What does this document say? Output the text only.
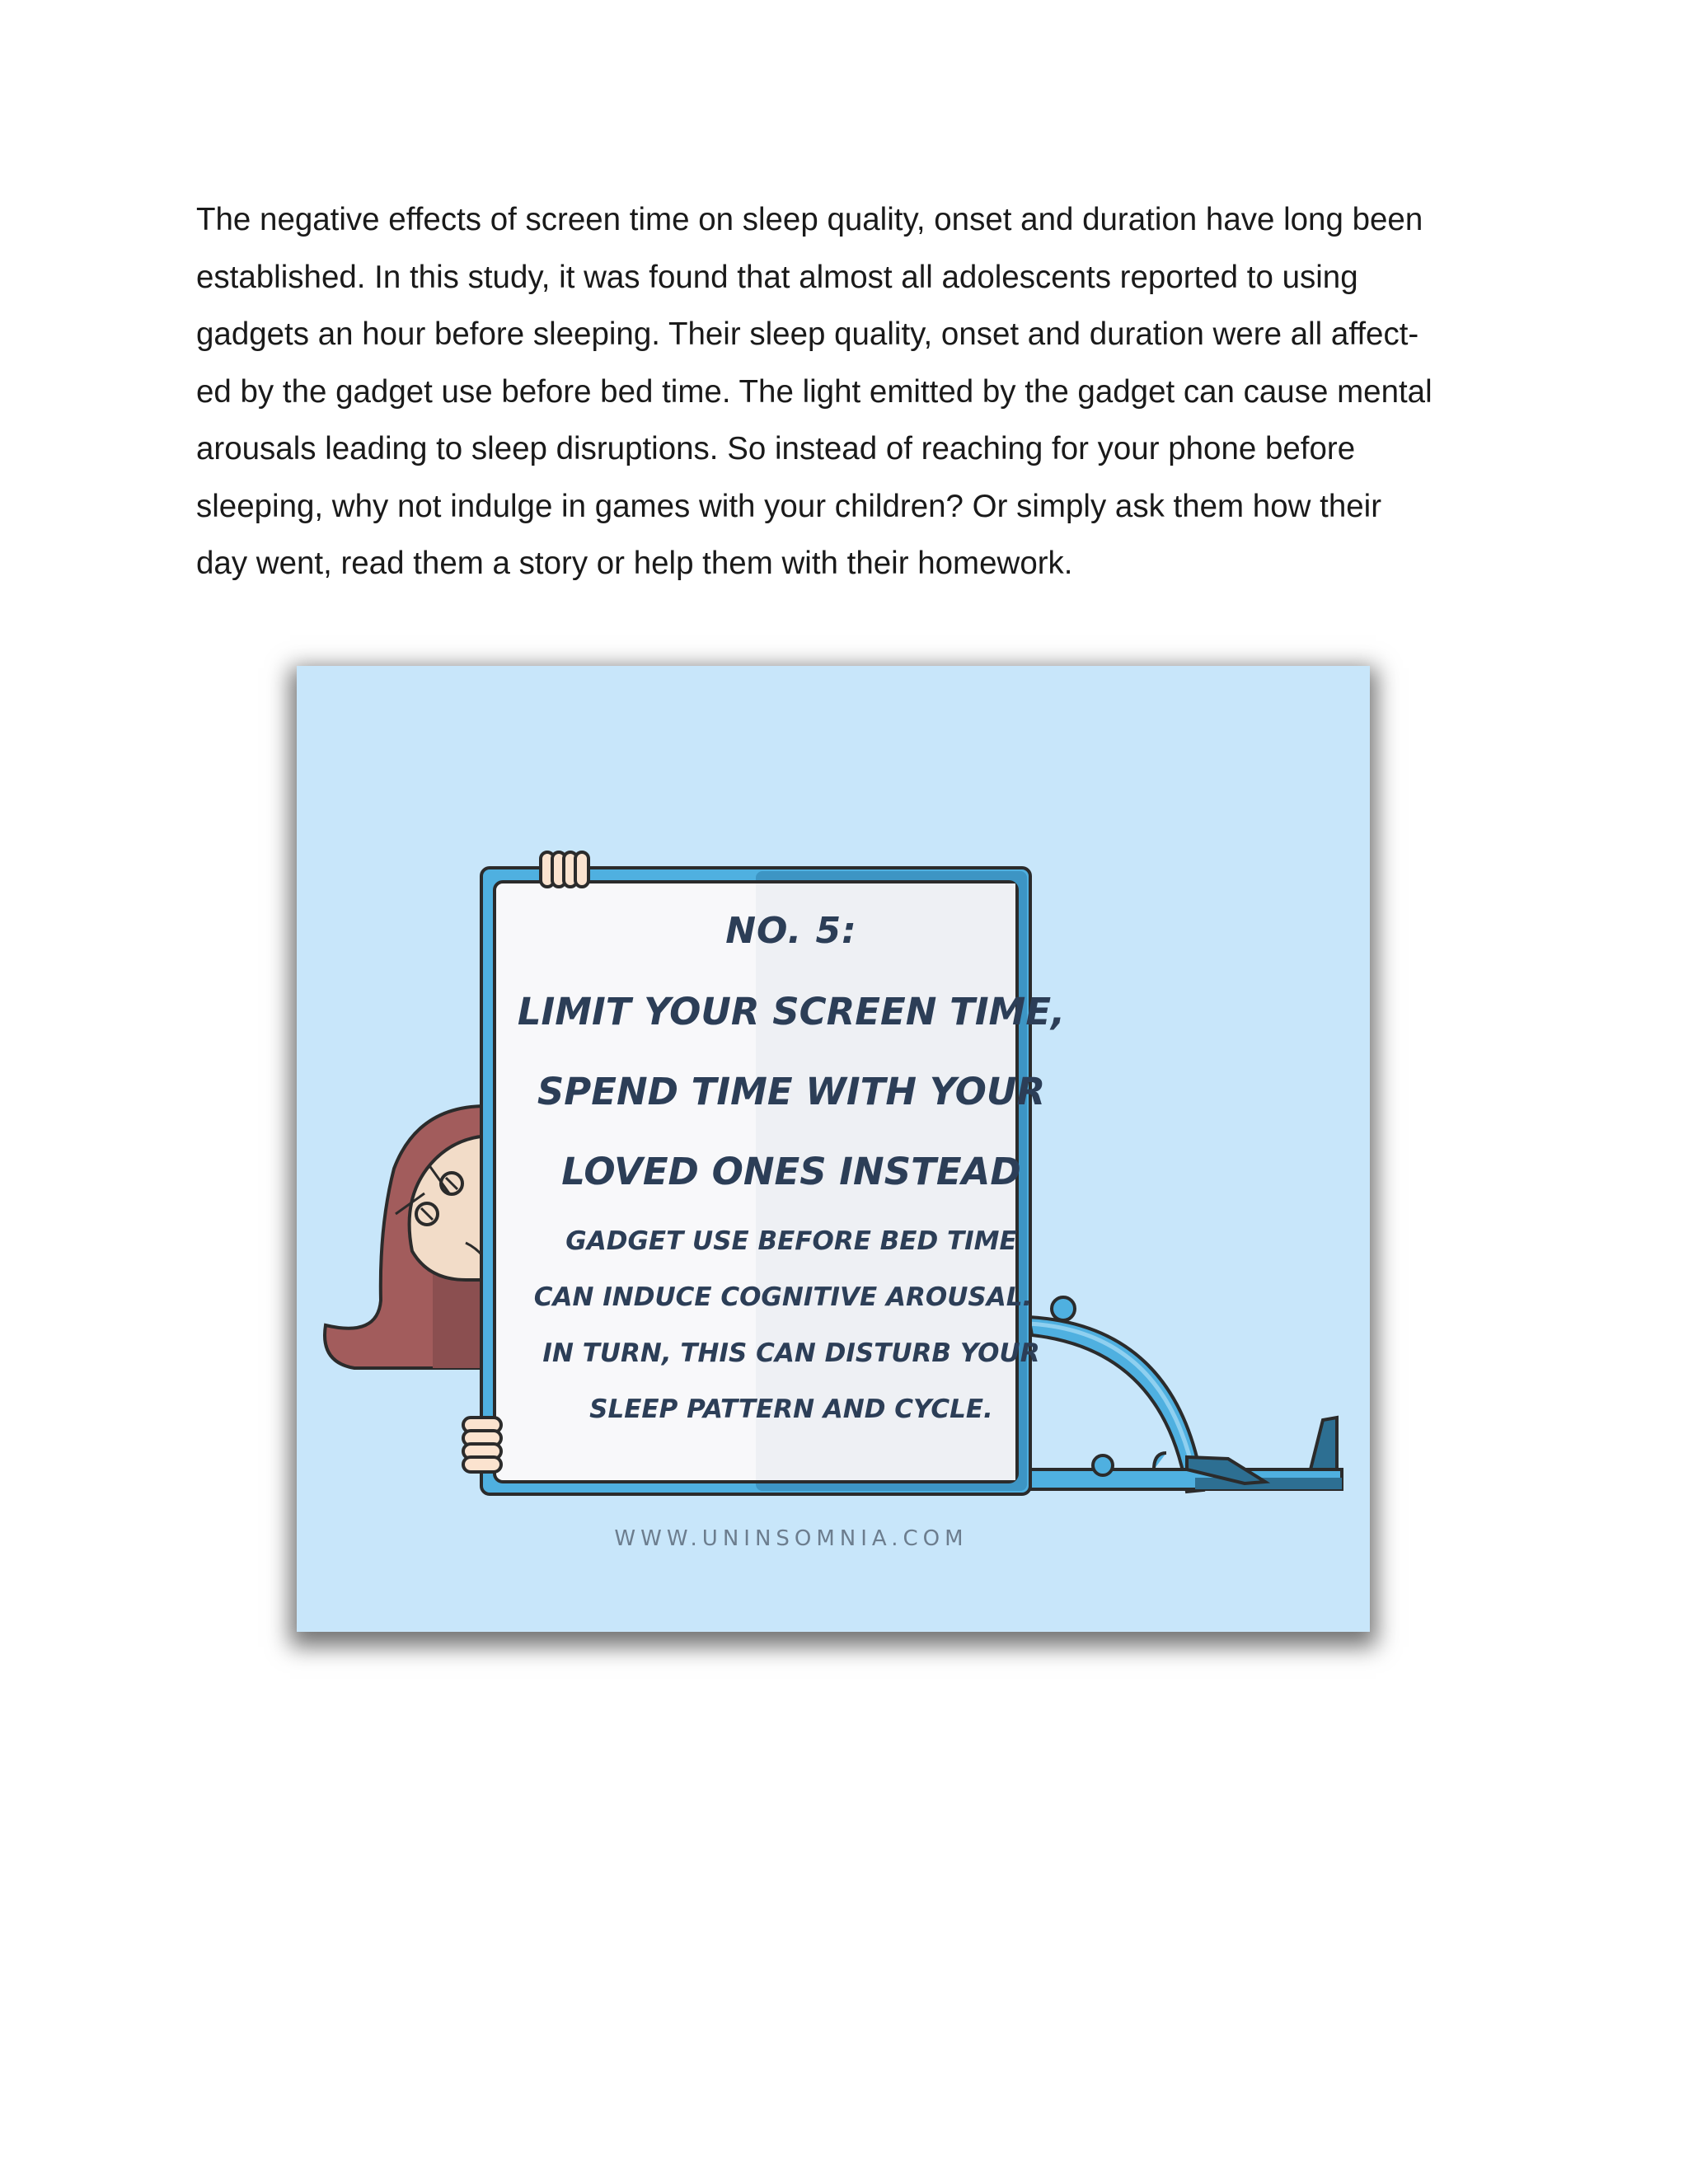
The negative effects of screen time on sleep quality, onset and duration have long been
established. In this study, it was found that almost all adolescents reported to using
gadgets an hour before sleeping. Their sleep quality, onset and duration were all affect-
ed by the gadget use before bed time. The light emitted by the gadget can cause mental
arousals leading to sleep disruptions. So instead of reaching for your phone before
sleeping, why not indulge in games with your children? Or simply ask them how their
day went, read them a story or help them with their homework.
NO. 5:
LIMIT YOUR SCREEN TIME,
SPEND TIME WITH YOUR
LOVED ONES INSTEAD
GADGET USE BEFORE BED TIME
CAN INDUCE COGNITIVE AROUSAL.
IN TURN, THIS CAN DISTURB YOUR
SLEEP PATTERN AND CYCLE.
WWW.UNINSOMNIA.COM
